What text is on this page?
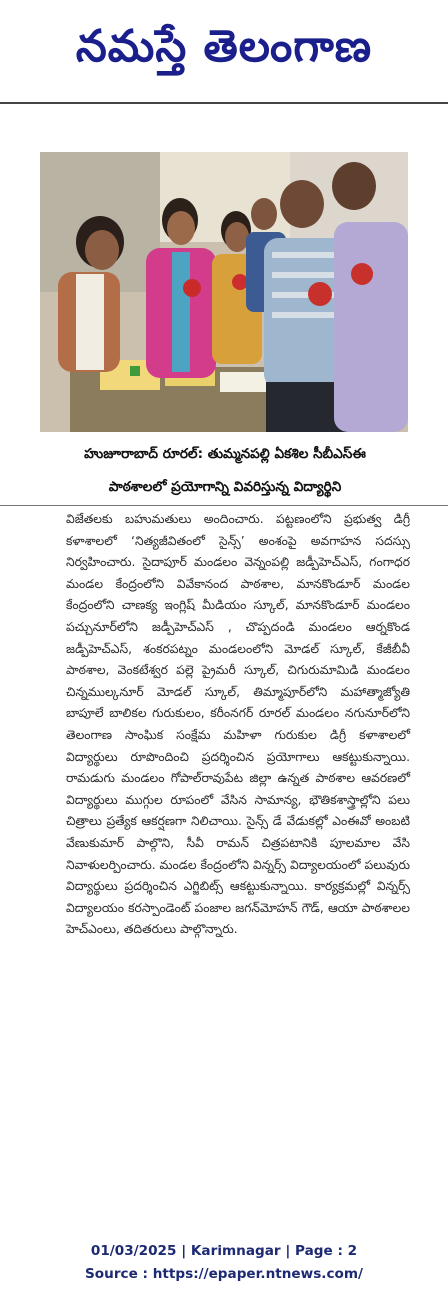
నమస్తే తెలంగాణ
హుజూరాబాద్ రూరల్: తుమ్మనపల్లి ఏకశిల సీబీఎస్ఈ
పాఠశాలలో ప్రయోగాన్ని వివరిస్తున్న విద్యార్థిని

విజేతలకు బహుమతులు అందించారు. పట్టణంలోని ప్రభుత్వ డిగ్రీ కళాశాలలో ‘నిత్యజీవితంలో సైన్స్’ అంశంపై అవగాహన సదస్సు నిర్వహించారు. సైదాపూర్ మండలం వెన్నంపల్లి జడ్పీహెచ్ఎస్, గంగాధర మండల కేంద్రంలోని వివేకానంద పాఠశాల, మానకొండూర్ మండల కేంద్రంలోని చాణక్య ఇంగ్లిష్ మీడియం స్కూల్, మానకొండూర్ మండలం పచ్చునూర్‌లోని జడ్పీహెచ్ఎస్ , చొప్పదండి మండలం ఆర్నకొండ జడ్పీహెచ్ఎస్, శంకరపట్నం మండలంలోని మోడల్ స్కూల్, కేజీబీవీ పాఠశాల, వెంకటేశ్వర పల్లె ప్రైమరీ స్కూల్, చిగురుమామిడి మండలం చిన్నముల్కనూర్ మోడల్ స్కూల్, తిమ్మాపూర్‌లోని మహాత్మాజ్యోతి బాపూలే బాలికల గురుకులం, కరీంనగర్ రూరల్ మండలం నగునూర్‌లోని తెలంగాణ సాంఘిక సంక్షేమ మహిళా గురుకుల డిగ్రీ కళాశాలలో విద్యార్థులు రూపొందించి ప్రదర్శించిన ప్రయోగాలు ఆకట్టుకున్నాయి. రామడుగు మండలం గోపాల్‌రావుపేట జిల్లా ఉన్నత పాఠశాల ఆవరణలో విద్యార్థులు ముగ్గుల రూపంలో వేసిన సామాన్య, భౌతికశాస్త్రాల్లోని పలు చిత్రాలు ప్రత్యేక ఆకర్షణగా నిలిచాయి. సైన్స్ డే వేడుకల్లో ఎంఈవో అంబటి వేణుకుమార్ పాల్గొని, సీవీ రామన్ చిత్రపటానికి పూలమాల వేసి నివాళులర్పించారు. మండల కేంద్రంలోని విన్నర్స్ విద్యాలయంలో పలువురు విద్యార్థులు ప్రదర్శించిన ఎగ్జిబిట్స్ ఆకట్టుకున్నాయి. కార్యక్రమల్లో విన్నర్స్ విద్యాలయం కరస్పాండెంట్ పంజాల జగన్‌మోహన్ గౌడ్, ఆయా పాఠశాలల హెచ్‌ఎంలు, తదితరులు పాల్గొన్నారు.

01/03/2025 | Karimnagar | Page : 2
Source : https://epaper.ntnews.com/
